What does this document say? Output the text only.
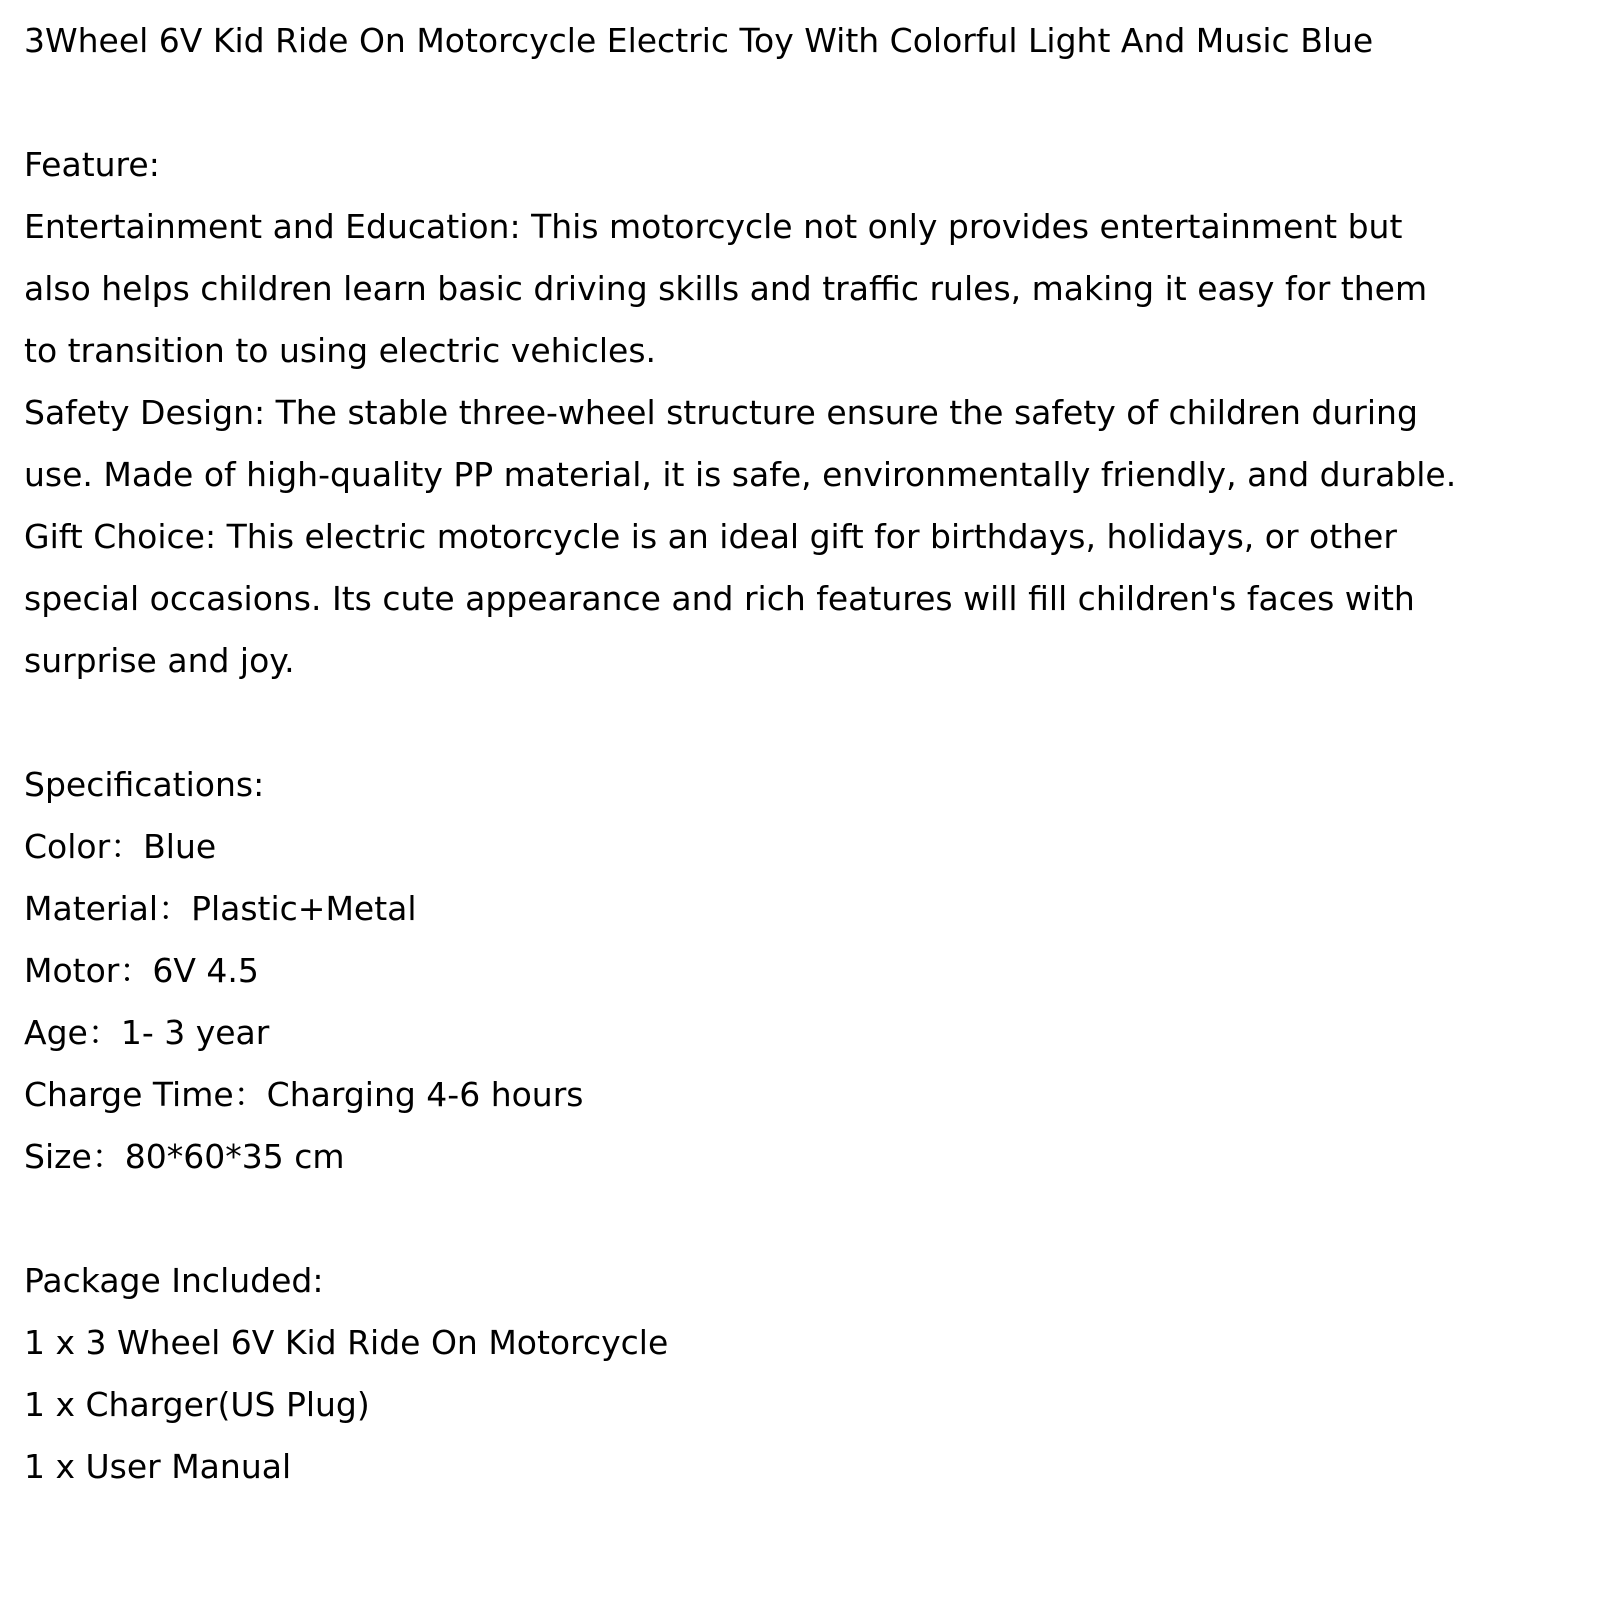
3Wheel 6V Kid Ride On Motorcycle Electric Toy With Colorful Light And Music Blue
Feature:
Entertainment and Education: This motorcycle not only provides entertainment but
also helps children learn basic driving skills and traffic rules, making it easy for them
to transition to using electric vehicles.
Safety Design: The stable three-wheel structure ensure the safety of children during
use. Made of high-quality PP material, it is safe, environmentally friendly, and durable.
Gift Choice: This electric motorcycle is an ideal gift for birthdays, holidays, or other
special occasions. Its cute appearance and rich features will fill children's faces with
surprise and joy.
Specifications:
Color：Blue
Material：Plastic+Metal
Motor：6V 4.5
Age：1- 3 year
Charge Time：Charging 4-6 hours
Size：80*60*35 cm
Package Included:
1 x 3 Wheel 6V Kid Ride On Motorcycle
1 x Charger(US Plug)
1 x User Manual
